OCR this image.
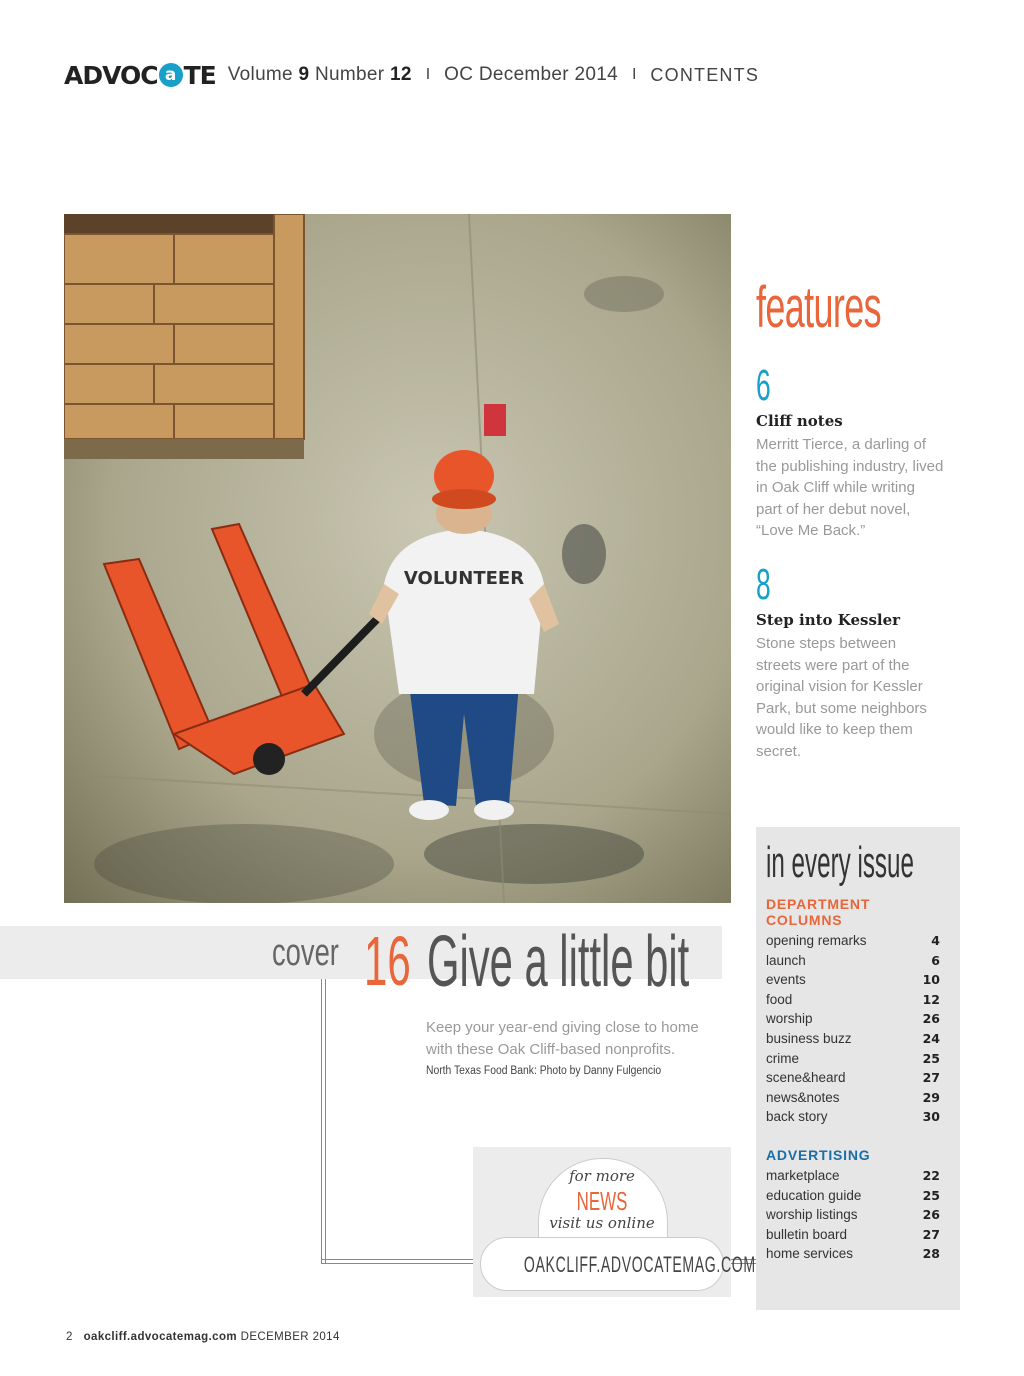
ADVOC a TE Volume 9 Number 12 I OC December 2014 I CONTENTS
VOLUNTEER
features
6
Cliff notes
Merritt Tierce, a darling of
the publishing industry, lived
in Oak Cliff while writing
part of her debut novel,
“Love Me Back.”
8
Step into Kessler
Stone steps between
streets were part of the
original vision for Kessler
Park, but some neighbors
would like to keep them
secret.
cover 16 Give a little bit
Keep your year-end giving close to home
with these Oak Cliff-based nonprofits.
North Texas Food Bank: Photo by Danny Fulgencio
for more
NEWS
visit us online
OAKCLIFF.ADVOCATEMAG.COM
in every issue
DEPARTMENT
COLUMNS
opening remarks	4
launch	6
events	10
food	12
worship	26
business buzz	24
crime	25
scene&heard	27
news&notes	29
back story	30
ADVERTISING
marketplace	22
education guide	25
worship listings	26
bulletin board	27
home services	28
2 oakcliff.advocatemag.com DECEMBER 2014
